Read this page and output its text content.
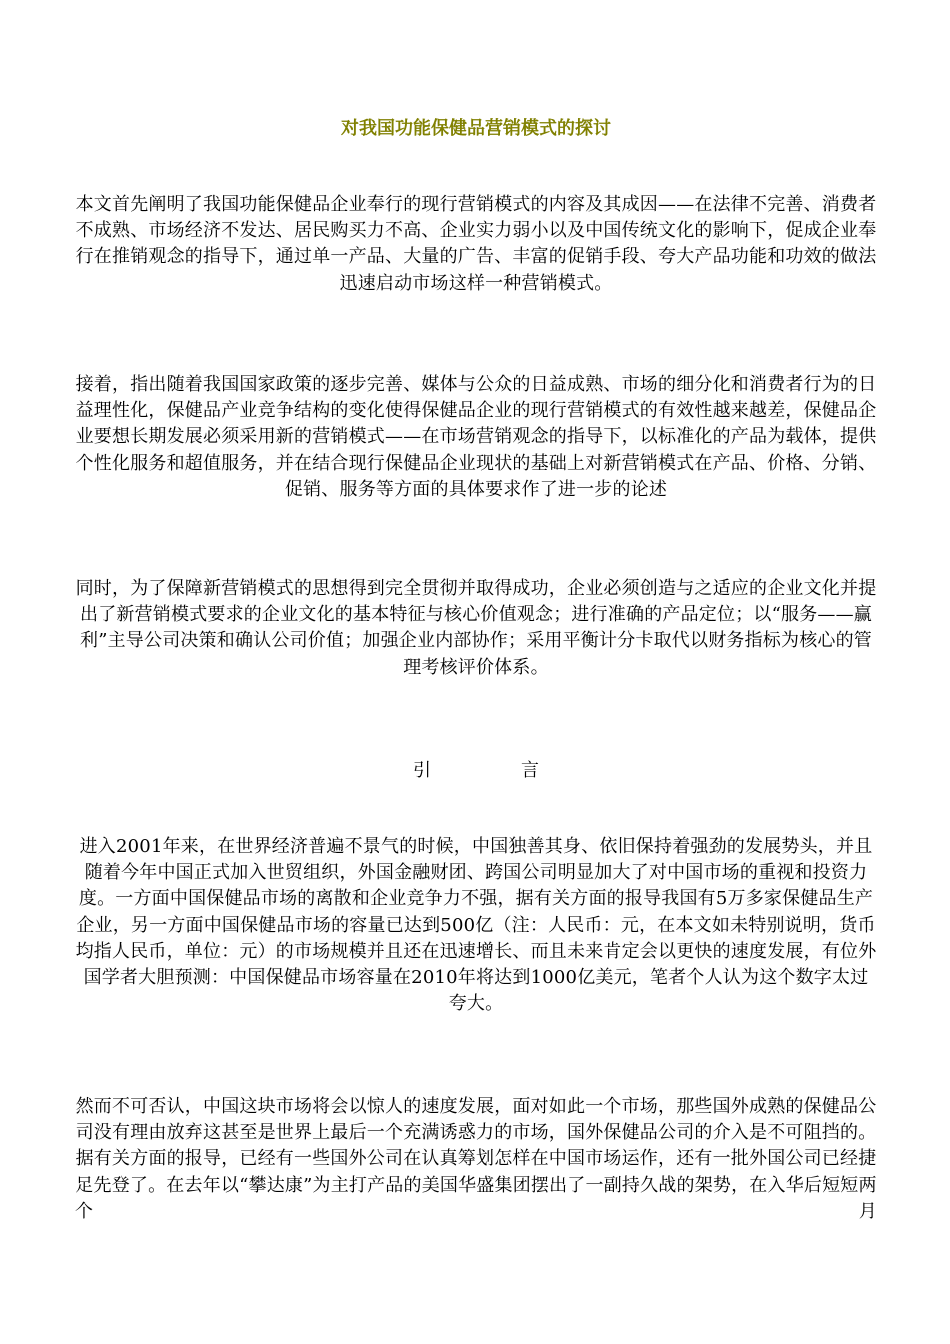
对我国功能保健品营销模式的探讨
本文首先阐明了我国功能保健品企业奉行的现行营销模式的内容及其成因——在法律不完善、消费者不成熟、市场经济不发达、居民购买力不高、企业实力弱小以及中国传统文化的影响下，促成企业奉行在推销观念的指导下，通过单一产品、大量的广告、丰富的促销手段、夸大产品功能和功效的做法迅速启动市场这样一种营销模式。
接着，指出随着我国国家政策的逐步完善、媒体与公众的日益成熟、市场的细分化和消费者行为的日益理性化，保健品产业竞争结构的变化使得保健品企业的现行营销模式的有效性越来越差，保健品企业要想长期发展必须采用新的营销模式——在市场营销观念的指导下，以标准化的产品为载体，提供个性化服务和超值服务，并在结合现行保健品企业现状的基础上对新营销模式在产品、价格、分销、促销、服务等方面的具体要求作了进一步的论述
同时，为了保障新营销模式的思想得到完全贯彻并取得成功，企业必须创造与之适应的企业文化并提出了新营销模式要求的企业文化的基本特征与核心价值观念；进行准确的产品定位；以“服务——赢利”主导公司决策和确认公司价值；加强企业内部协作；采用平衡计分卡取代以财务指标为核心的管理考核评价体系。
引	言
进入2001年来，在世界经济普遍不景气的时候，中国独善其身、依旧保持着强劲的发展势头，并且随着今年中国正式加入世贸组织，外国金融财团、跨国公司明显加大了对中国市场的重视和投资力度。一方面中国保健品市场的离散和企业竞争力不强，据有关方面的报导我国有5万多家保健品生产企业，另一方面中国保健品市场的容量已达到500亿（注：人民币：元，在本文如未特别说明，货币均指人民币，单位：元）的市场规模并且还在迅速增长、而且未来肯定会以更快的速度发展，有位外国学者大胆预测：中国保健品市场容量在2010年将达到1000亿美元，笔者个人认为这个数字太过夸大。
然而不可否认，中国这块市场将会以惊人的速度发展，面对如此一个市场，那些国外成熟的保健品公司没有理由放弃这甚至是世界上最后一个充满诱惑力的市场，国外保健品公司的介入是不可阻挡的。据有关方面的报导，已经有一些国外公司在认真筹划怎样在中国市场运作，还有一批外国公司已经捷足先登了。在去年以“攀达康”为主打产品的美国华盛集团摆出了一副持久战的架势，在入华后短短两个月
